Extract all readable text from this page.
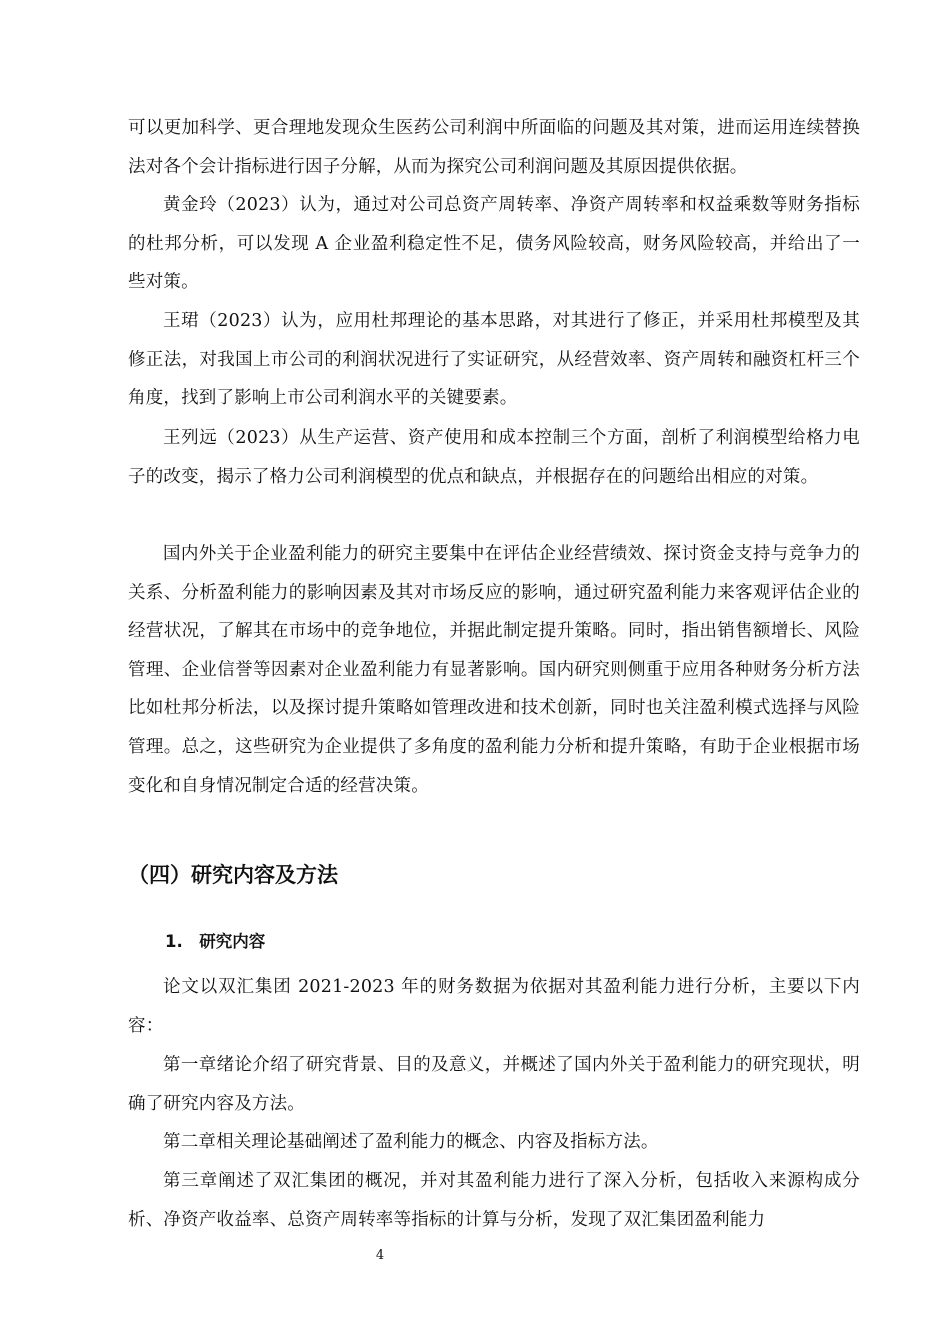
可以更加科学、更合理地发现众生医药公司利润中所面临的问题及其对策，进而运用连续替换法对各个会计指标进行因子分解，从而为探究公司利润问题及其原因提供依据。

黄金玲（2023）认为，通过对公司总资产周转率、净资产周转率和权益乘数等财务指标的杜邦分析，可以发现 A 企业盈利稳定性不足，债务风险较高，财务风险较高，并给出了一些对策。

王珺（2023）认为，应用杜邦理论的基本思路，对其进行了修正，并采用杜邦模型及其修正法，对我国上市公司的利润状况进行了实证研究，从经营效率、资产周转和融资杠杆三个角度，找到了影响上市公司利润水平的关键要素。

王列远（2023）从生产运营、资产使用和成本控制三个方面，剖析了利润模型给格力电子的改变，揭示了格力公司利润模型的优点和缺点，并根据存在的问题给出相应的对策。

国内外关于企业盈利能力的研究主要集中在评估企业经营绩效、探讨资金支持与竞争力的关系、分析盈利能力的影响因素及其对市场反应的影响，通过研究盈利能力来客观评估企业的经营状况，了解其在市场中的竞争地位，并据此制定提升策略。同时，指出销售额增长、风险管理、企业信誉等因素对企业盈利能力有显著影响。国内研究则侧重于应用各种财务分析方法比如杜邦分析法，以及探讨提升策略如管理改进和技术创新，同时也关注盈利模式选择与风险管理。总之，这些研究为企业提供了多角度的盈利能力分析和提升策略，有助于企业根据市场变化和自身情况制定合适的经营决策。

（四）研究内容及方法
1.　研究内容

论文以双汇集团 2021-2023 年的财务数据为依据对其盈利能力进行分析，主要以下内容：

第一章绪论介绍了研究背景、目的及意义，并概述了国内外关于盈利能力的研究现状，明确了研究内容及方法。

第二章相关理论基础阐述了盈利能力的概念、内容及指标方法。

第三章阐述了双汇集团的概况，并对其盈利能力进行了深入分析，包括收入来源构成分析、净资产收益率、总资产周转率等指标的计算与分析，发现了双汇集团盈利能力

4
